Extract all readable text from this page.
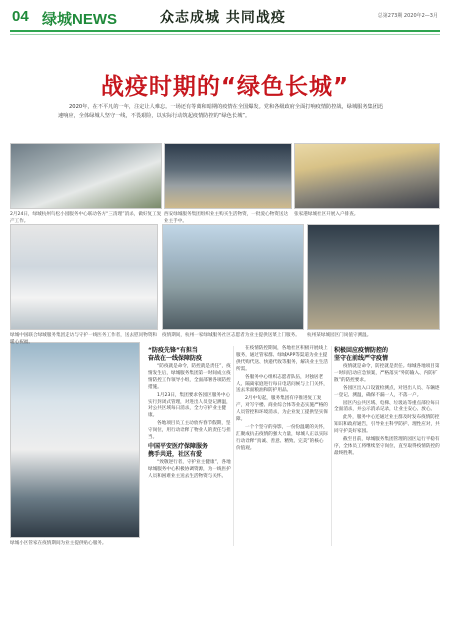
04 绿城NEWS	众志成城 共同战疫	总第273期 2020年2—3月
战疫时期的“绿色长城”

2020年，在不平凡的一年，注定让人难忘。一场还有等离和暗期的疫情在全国爆发。党和各级政府全面打响疫情防控战，绿城服务集团迅速响应，全体绿城人坚守一线，不畏艰险，以实际行动筑起疫情防控的“绿色长城”。

2月24日，绿城杭州鸟松小园服务中心联动各方“三清理”消杀，做好复工复产工作。

西安绿城服务集团组织业主购买生活物资，一批爱心物资送达业主手中。

张家港绿城社区开展入户排查。

绿城中国联合绿城服务集团走访与守护一线医务工作者，送去慰问物资和暖心祝福。

疫情期间，杭州一家绿城服务社区志愿者为业主提供送菜上门服务。	杭州某绿城园区门岗值守测温。

绿城小区管家在疫情期间为业主提供贴心服务。

“防疫先锋”有担当
奋战在一线保障防疫

“防疫就是命令，防控就是责任”，疫情发生后，绿城服务集团第一时间成立疫情防控工作领导小组，全面部署各项防控措施。

1月23日，集团要求各园区服务中心实行封闭式管理，对进出人员登记测温，对公共区域每日消杀，全力守护业主健康。

各地项目员工主动放弃春节假期，坚守岗位，用行动诠释了物业人的责任与担当。

中国平安医疗保障服务
携手共进，社区有爱

“致敬逆行者，守护业主健康”，各地绿城服务中心积极协调资源，为一线医护人员和困难业主送去生活物资与关怀。

在疫情防控期间，各地社区积极开展线上服务，通过管家群、绿城APP等渠道为业主提供代购代送、快递代收等服务，解决业主生活所需。

各服务中心组织志愿者队伍，对独居老人、隔离家庭进行每日电话问候与上门关怀，送去米面粮油和防护用品。

2月中旬起，服务集团有序推进复工复产，对写字楼、商业综合体等业态实施严格的人员管控和环境消杀，为企业复工提供坚实保障。

一个个坚守的身影，一份份温暖的关怀，汇聚成抗击疫情的强大力量，绿城人正以实际行动诠释“真诚、善意、精致、完美”的核心价值观。

积极回应疫情防控的
坚守在前线严守疫情

疫情就是命令，防控就是责任。绿城各地项目第一时间启动应急预案，严格落实“外防输入、内防扩散”的防控要求。

各园区出入口设置检测点，对进出人员、车辆逐一登记、测温，确保不漏一人，不落一户。

园区内公共区域、电梯、垃圾站等重点部位每日全面消杀，并公示消杀记录，让业主安心、放心。

此外，服务中心还通过业主群及时发布疫情防控知识和政府通告，引导业主科学防护、理性应对，共同守护美好家园。

截至目前，绿城服务集团管理的园区运行平稳有序，全体员工将继续坚守岗位，直至取得疫情防控的最终胜利。
